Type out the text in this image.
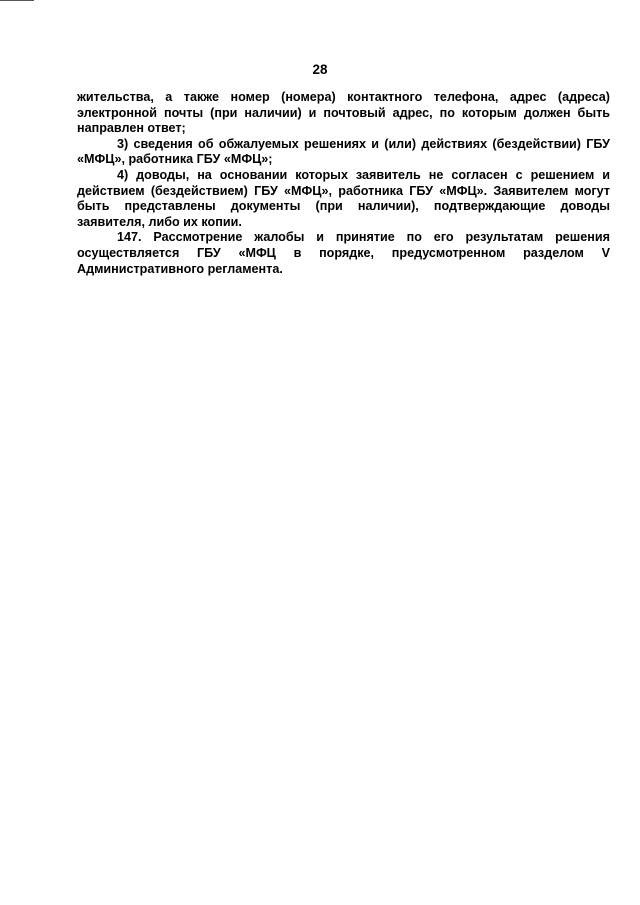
28

жительства, а также номер (номера) контактного телефона, адрес (адреса) электронной почты (при наличии) и почтовый адрес, по которым должен быть направлен ответ;

3) сведения об обжалуемых решениях и (или) действиях (бездействии) ГБУ «МФЦ», работника ГБУ «МФЦ»;

4) доводы, на основании которых заявитель не согласен с решением и действием (бездействием) ГБУ «МФЦ», работника ГБУ «МФЦ». Заявителем могут быть представлены документы (при наличии), подтверждающие доводы заявителя, либо их копии.

147. Рассмотрение жалобы и принятие по его результатам решения осуществляется ГБУ «МФЦ в порядке, предусмотренном разделом V
Административного регламента.
